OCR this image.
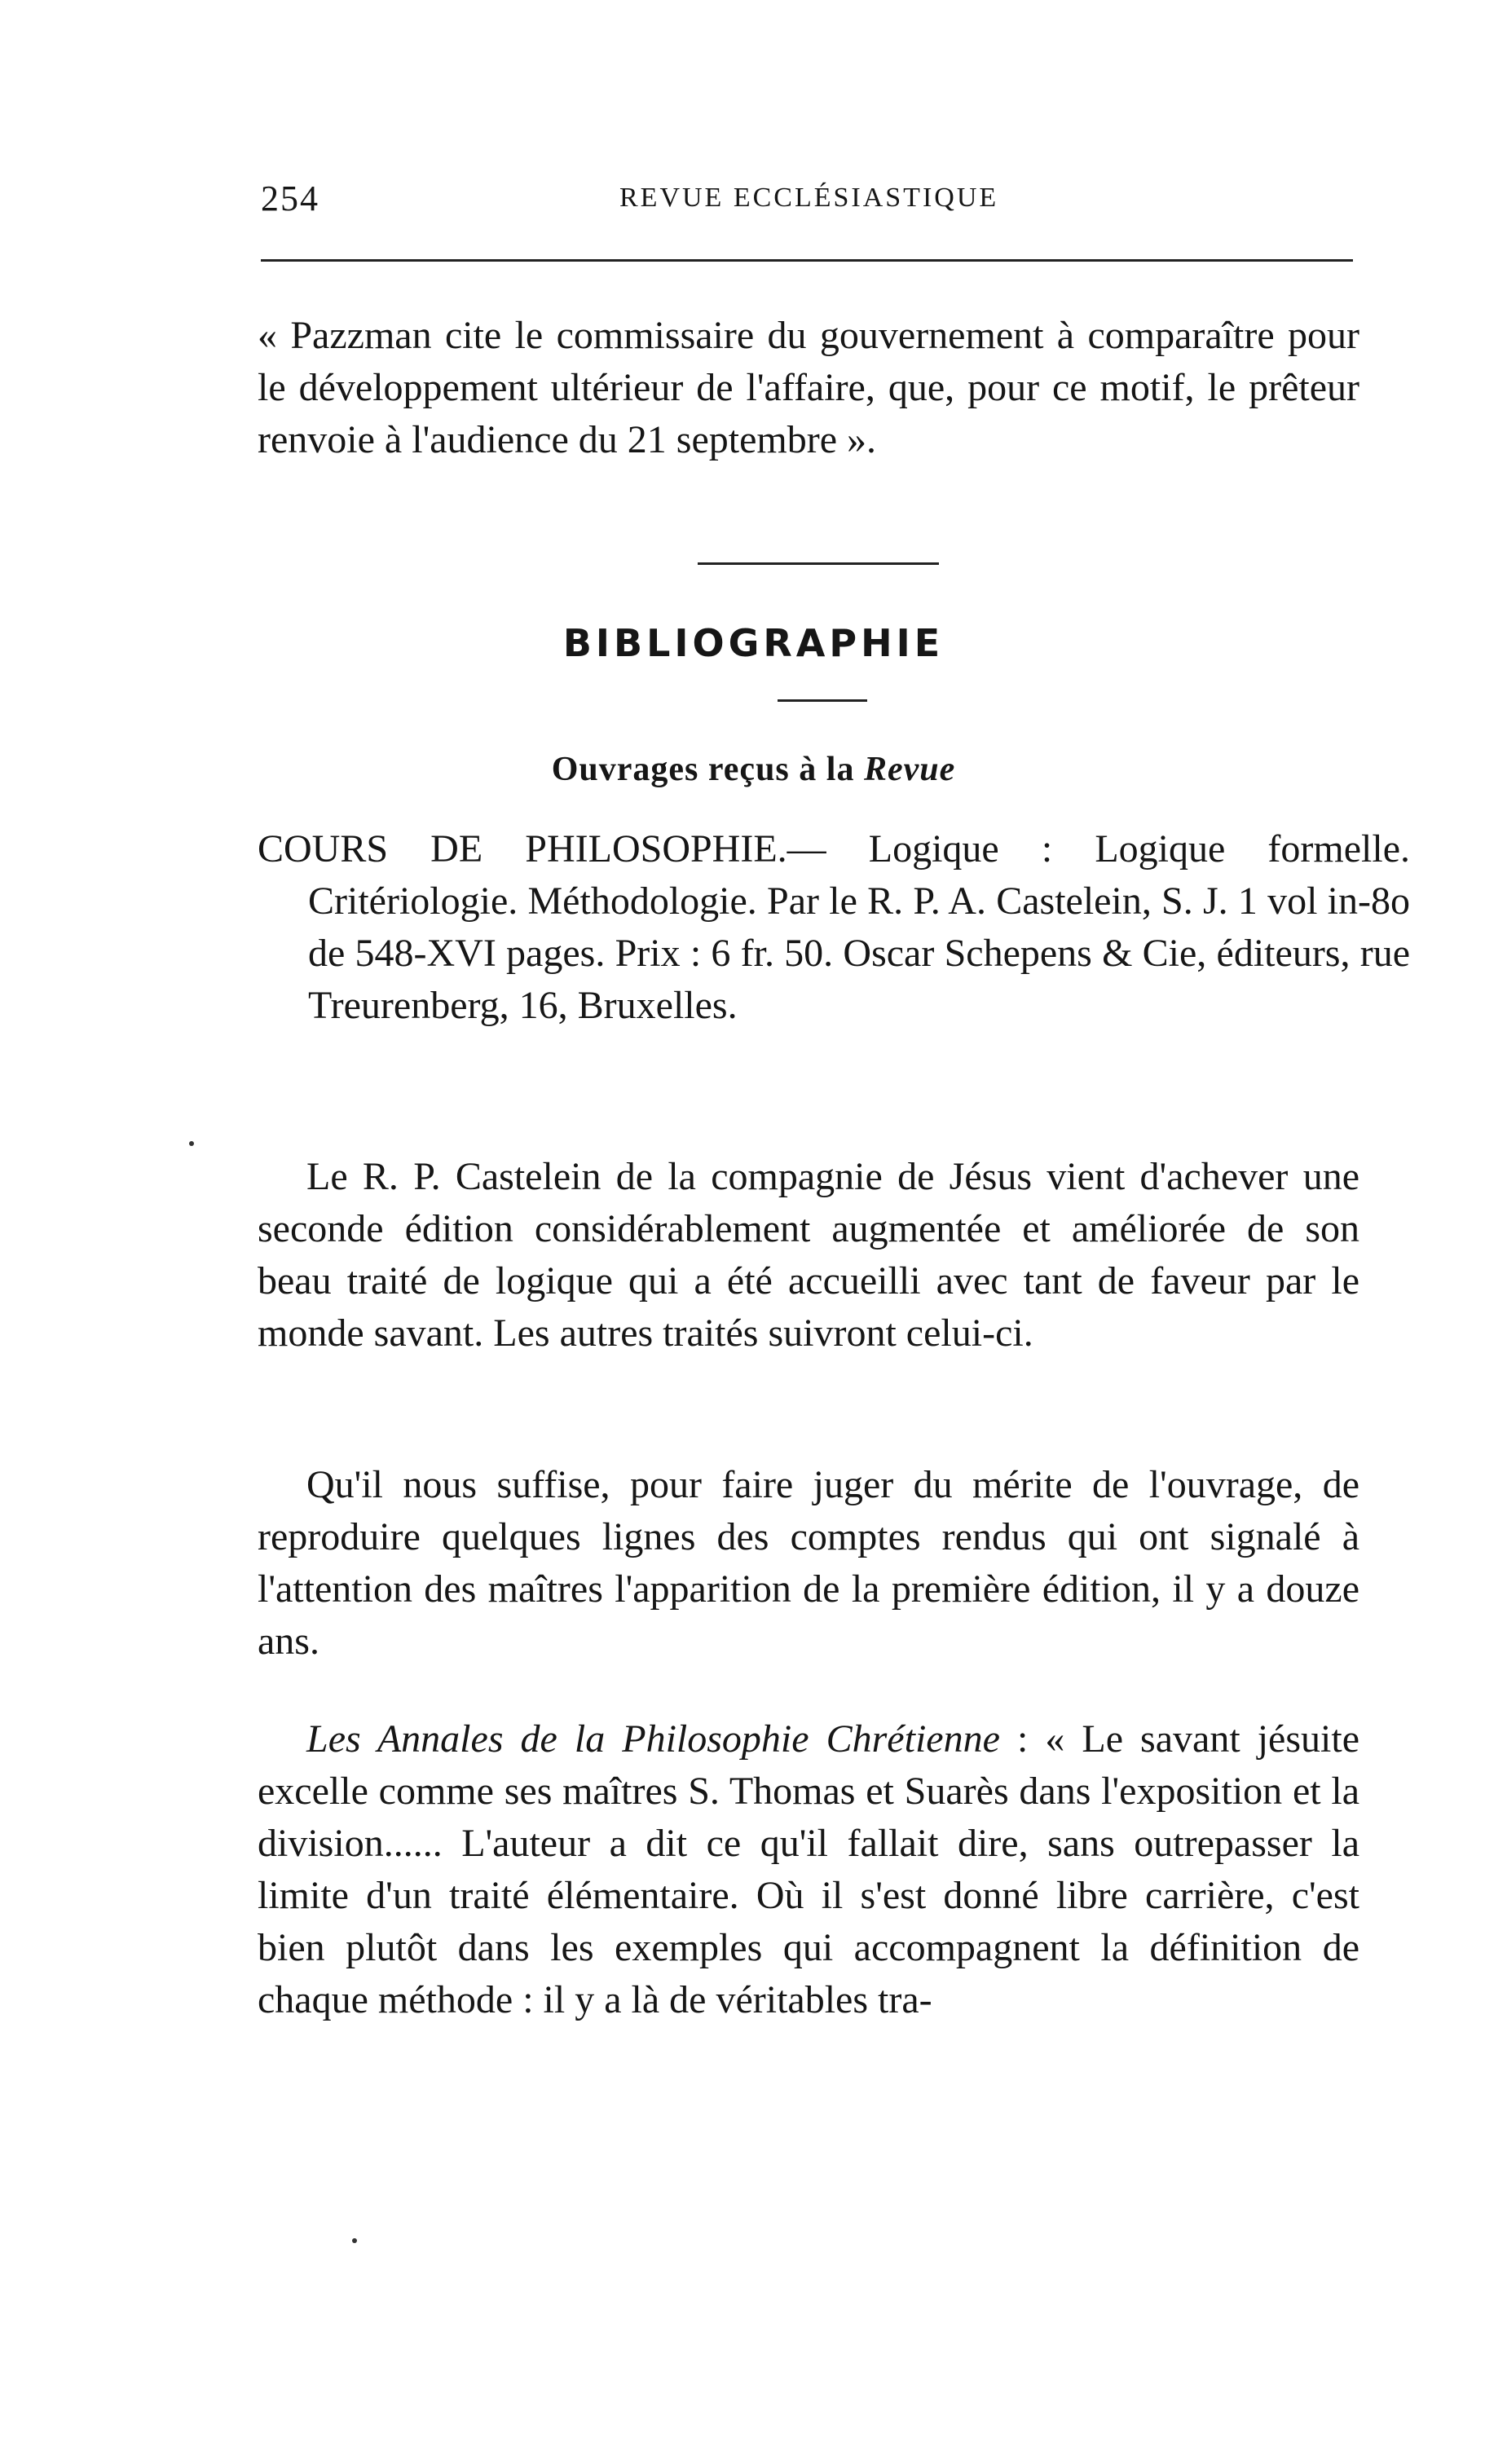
254	REVUE ECCLÉSIASTIQUE
« Pazzman cite le commissaire du gouvernement à comparaître pour le développement ultérieur de l'affaire, que, pour ce motif, le prêteur renvoie à l'audience du 21 septembre ».
BIBLIOGRAPHIE
Ouvrages reçus à la Revue
COURS DE PHILOSOPHIE.— Logique : Logique formelle. Critériologie. Méthodologie. Par le R. P. A. Castelein, S. J. 1 vol in-8o de 548-XVI pages. Prix : 6 fr. 50. Oscar Schepens & Cie, éditeurs, rue Treurenberg, 16, Bruxelles.

Le R. P. Castelein de la compagnie de Jésus vient d'achever une seconde édition considérablement augmentée et améliorée de son beau traité de logique qui a été accueilli avec tant de faveur par le monde savant. Les autres traités suivront celui-ci.

Qu'il nous suffise, pour faire juger du mérite de l'ouvrage, de reproduire quelques lignes des comptes rendus qui ont signalé à l'attention des maîtres l'apparition de la première édition, il y a douze ans.

Les Annales de la Philosophie Chrétienne : « Le savant jésuite excelle comme ses maîtres S. Thomas et Suarès dans l'exposition et la division...... L'auteur a dit ce qu'il fallait dire, sans outrepasser la limite d'un traité élémentaire. Où il s'est donné libre carrière, c'est bien plutôt dans les exemples qui accompagnent la définition de chaque méthode : il y a là de véritables tra-
